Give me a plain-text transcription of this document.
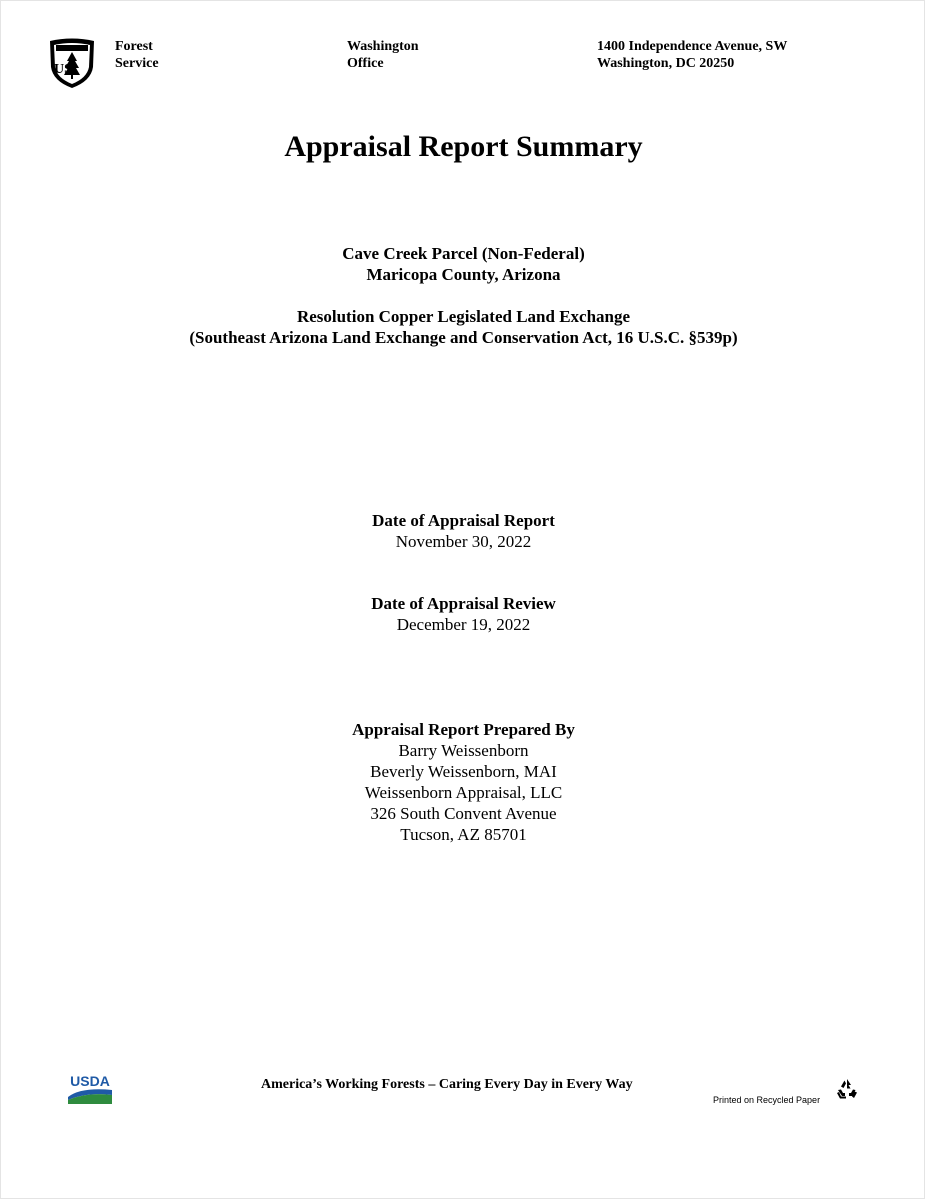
US
Forest
Service
Washington
Office
1400 Independence Avenue, SW
Washington, DC 20250
Appraisal Report Summary
Cave Creek Parcel (Non-Federal)
Maricopa County, Arizona
Resolution Copper Legislated Land Exchange
(Southeast Arizona Land Exchange and Conservation Act, 16 U.S.C. §539p)
Date of Appraisal Report
November 30, 2022
Date of Appraisal Review
December 19, 2022
Appraisal Report Prepared By
Barry Weissenborn
Beverly Weissenborn, MAI
Weissenborn Appraisal, LLC
326 South Convent Avenue
Tucson, AZ 85701
USDA	America’s Working Forests – Caring Every Day in Every Way
Printed on Recycled Paper
